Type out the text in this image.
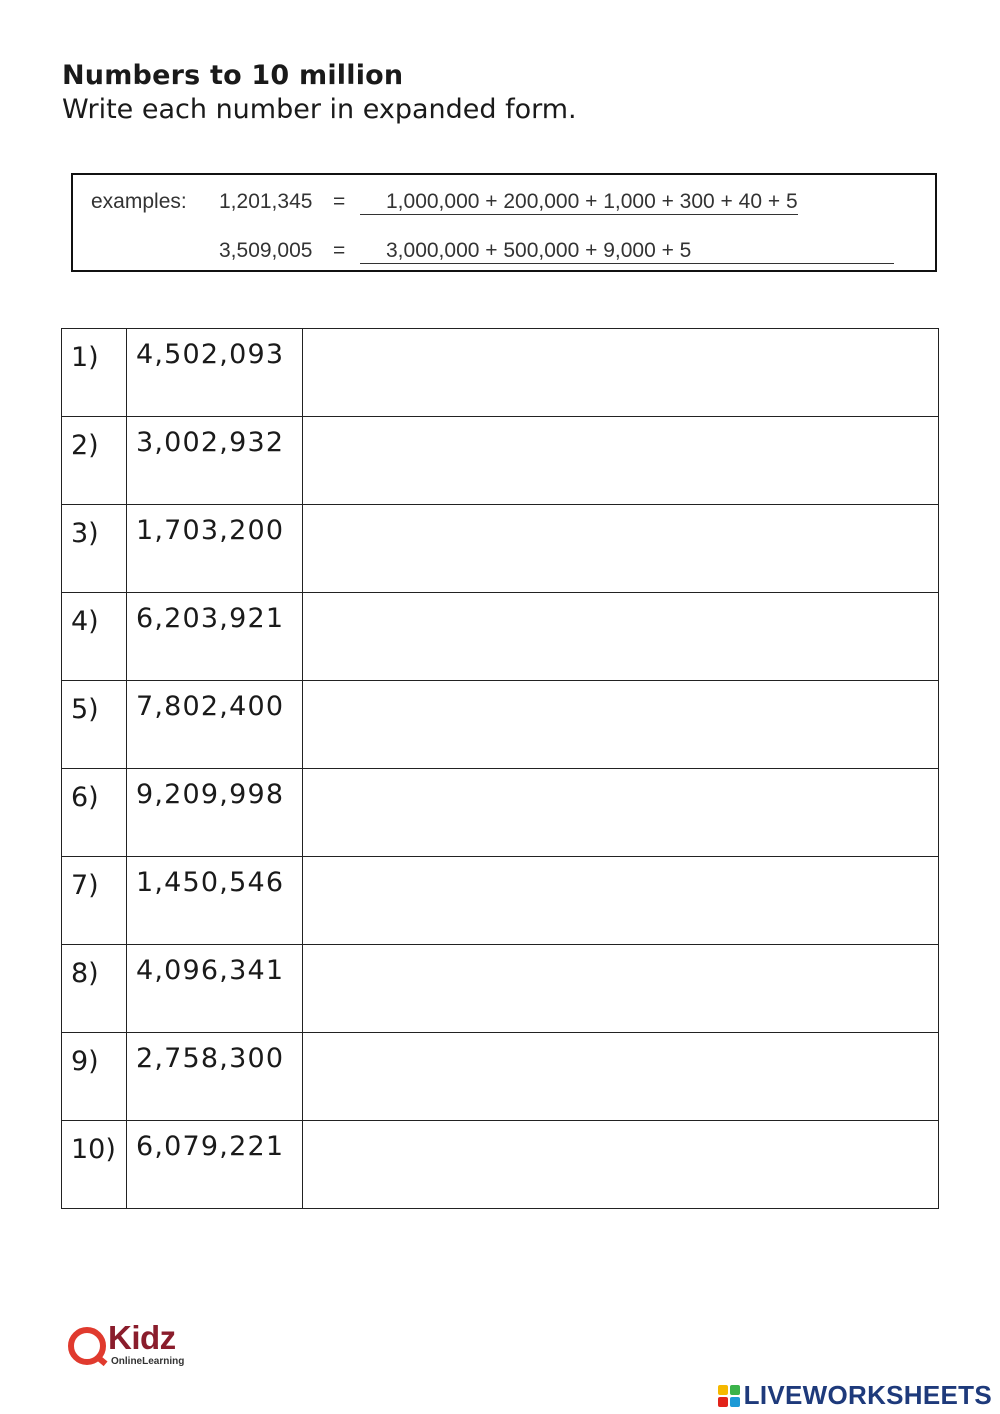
Numbers to 10 million
Write each number in expanded form.
examples: 1,201,345 =	1,000,000 + 200,000 + 1,000 + 300 + 40 + 5
3,509,005 =	3,000,000 + 500,000 + 9,000 + 5
1)	4,502,093	
2)	3,002,932	
3)	1,703,200	
4)	6,203,921	
5)	7,802,400	
6)	9,209,998	
7)	1,450,546	
8)	4,096,341	
9)	2,758,300	
10)	6,079,221	
Kidz
OnlineLearning
LIVEWORKSHEETS
